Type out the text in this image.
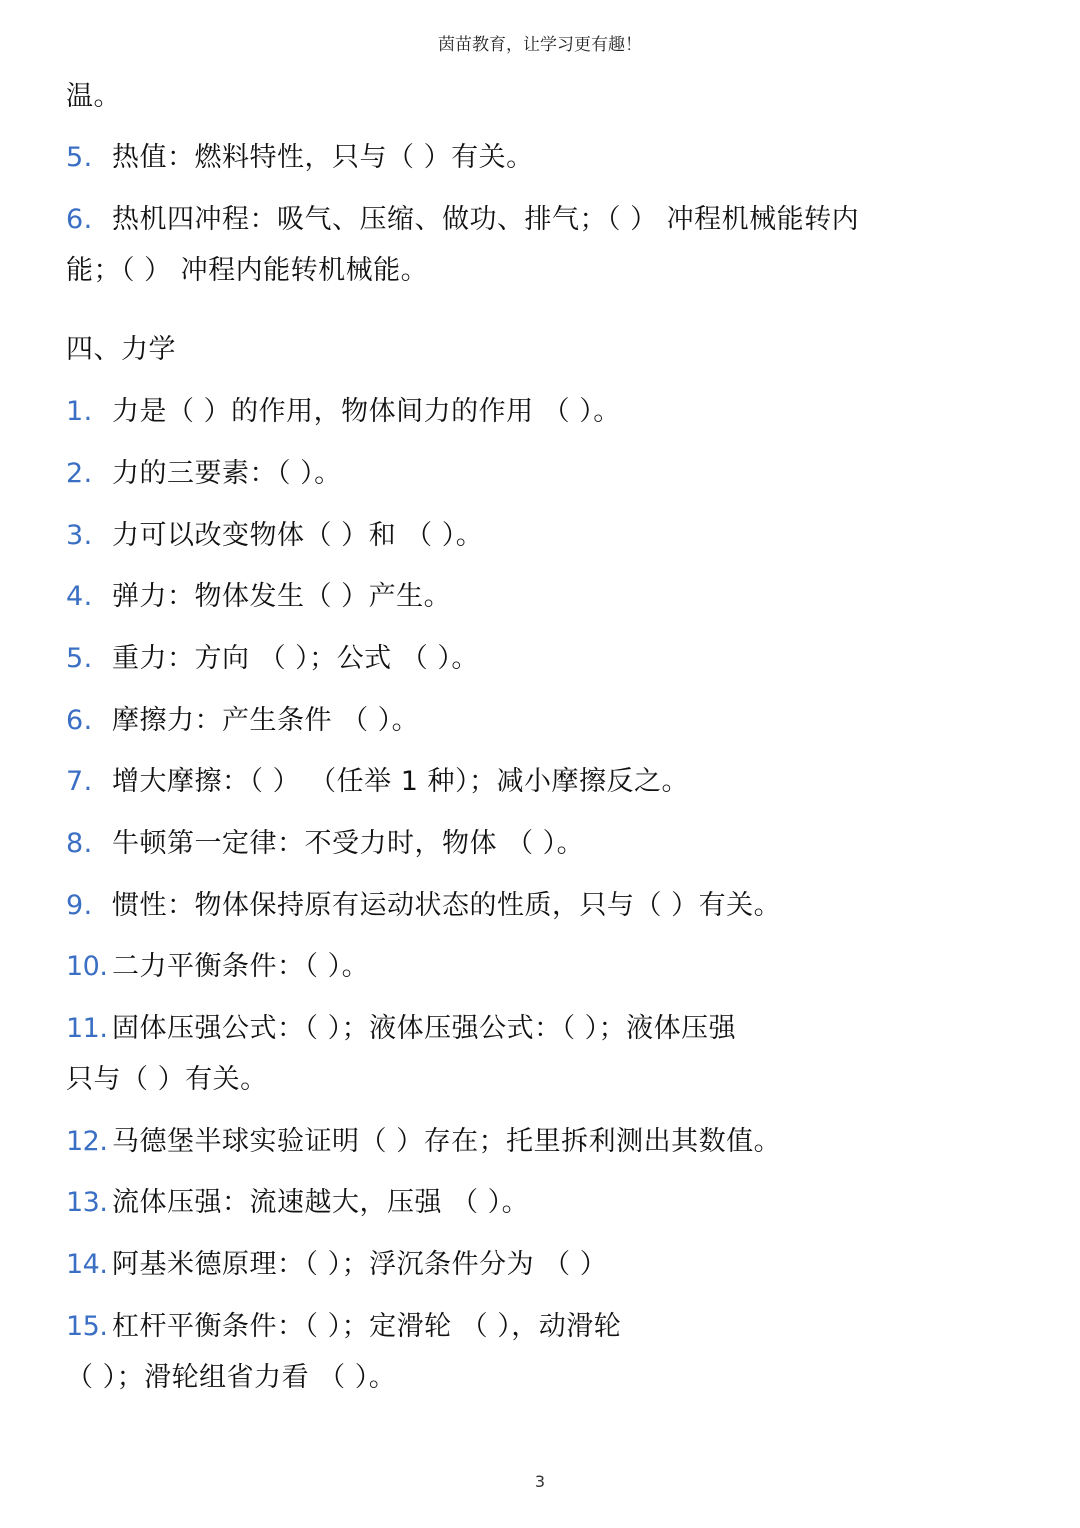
茵苗教育，让学习更有趣！
温。
5. 热值：燃料特性，只与（ ）有关。
6. 热机四冲程：吸气、压缩、做功、排气；（ ） 冲程机械能转内
能；（ ） 冲程内能转机械能。
四、力学
1. 力是（ ）的作用，物体间力的作用 （ ）。
2. 力的三要素：（ ）。
3. 力可以改变物体（ ）和 （ ）。
4. 弹力：物体发生（ ）产生。
5. 重力：方向 （ ）；公式 （ ）。
6. 摩擦力：产生条件 （ ）。
7. 增大摩擦：（ ） （任举 1 种）；减小摩擦反之。
8. 牛顿第一定律：不受力时，物体 （ ）。
9. 惯性：物体保持原有运动状态的性质，只与（ ）有关。
10. 二力平衡条件：（ ）。
11. 固体压强公式：（ ）；液体压强公式：（ ）；液体压强
只与（ ）有关。
12. 马德堡半球实验证明（ ）存在；托里拆利测出其数值。
13. 流体压强：流速越大，压强 （ ）。
14. 阿基米德原理：（ ）；浮沉条件分为 （ ）
15. 杠杆平衡条件：（ ）；定滑轮 （ ），动滑轮
（ ）；滑轮组省力看 （ ）。
3
